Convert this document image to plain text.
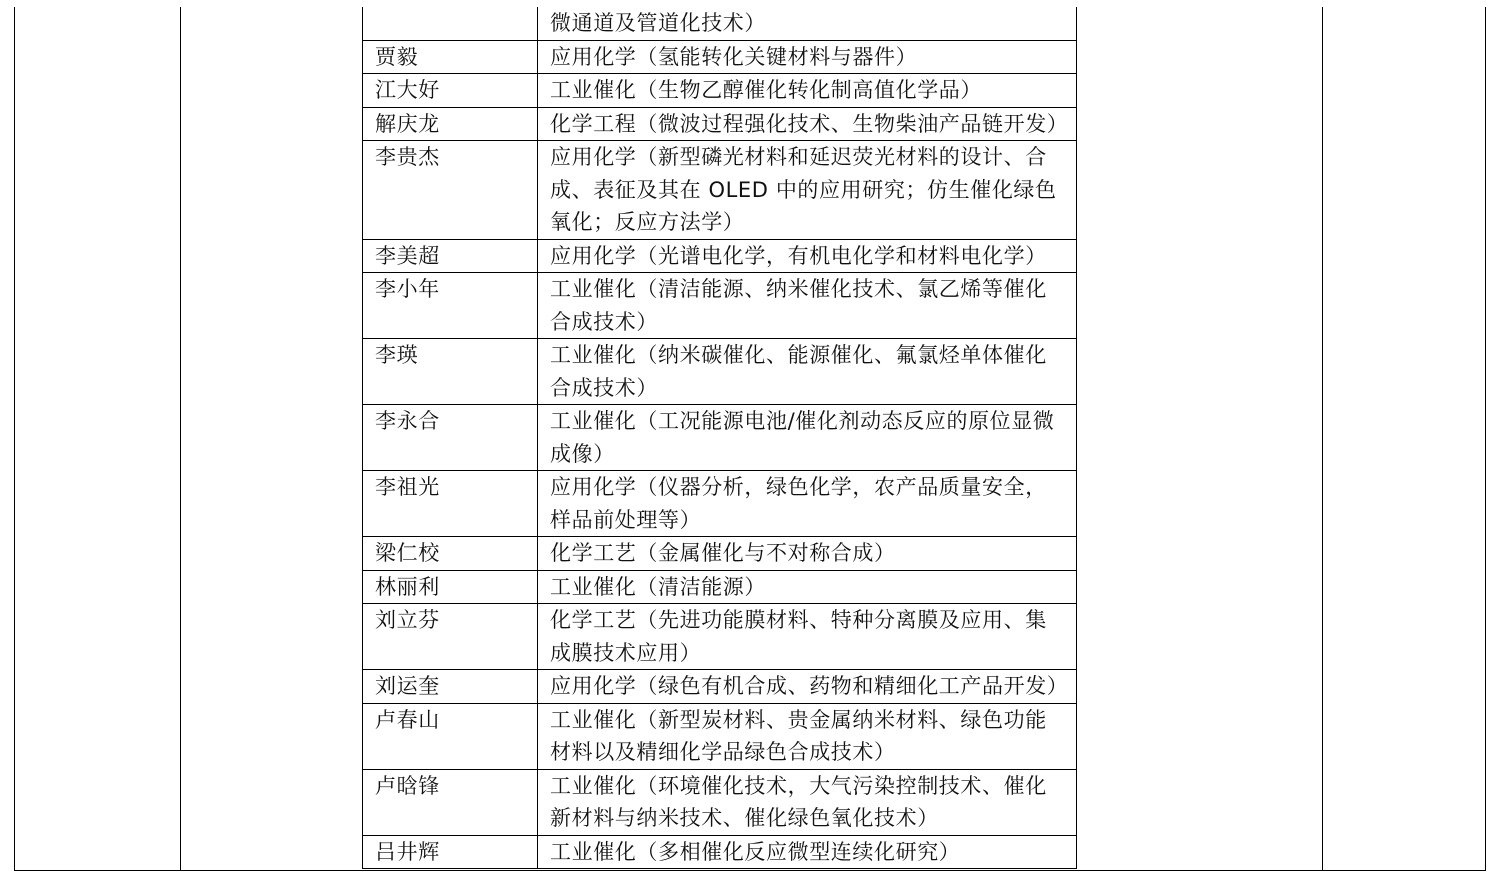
	微通道及管道化技术）
贾毅	应用化学（氢能转化关键材料与器件）
江大好	工业催化（生物乙醇催化转化制高值化学品）
解庆龙	化学工程（微波过程强化技术、生物柴油产品链开发）
李贵杰	应用化学（新型磷光材料和延迟荧光材料的设计、合成、表征及其在 OLED 中的应用研究；仿生催化绿色氧化；反应方法学）
李美超	应用化学（光谱电化学，有机电化学和材料电化学）
李小年	工业催化（清洁能源、纳米催化技术、氯乙烯等催化合成技术）
李瑛	工业催化（纳米碳催化、能源催化、氟氯烃单体催化合成技术）
李永合	工业催化（工况能源电池/催化剂动态反应的原位显微成像）
李祖光	应用化学（仪器分析，绿色化学，农产品质量安全，样品前处理等）
梁仁校	化学工艺（金属催化与不对称合成）
林丽利	工业催化（清洁能源）
刘立芬	化学工艺（先进功能膜材料、特种分离膜及应用、集成膜技术应用）
刘运奎	应用化学（绿色有机合成、药物和精细化工产品开发）
卢春山	工业催化（新型炭材料、贵金属纳米材料、绿色功能材料以及精细化学品绿色合成技术）
卢晗锋	工业催化（环境催化技术，大气污染控制技术、催化新材料与纳米技术、催化绿色氧化技术）
吕井辉	工业催化（多相催化反应微型连续化研究）
